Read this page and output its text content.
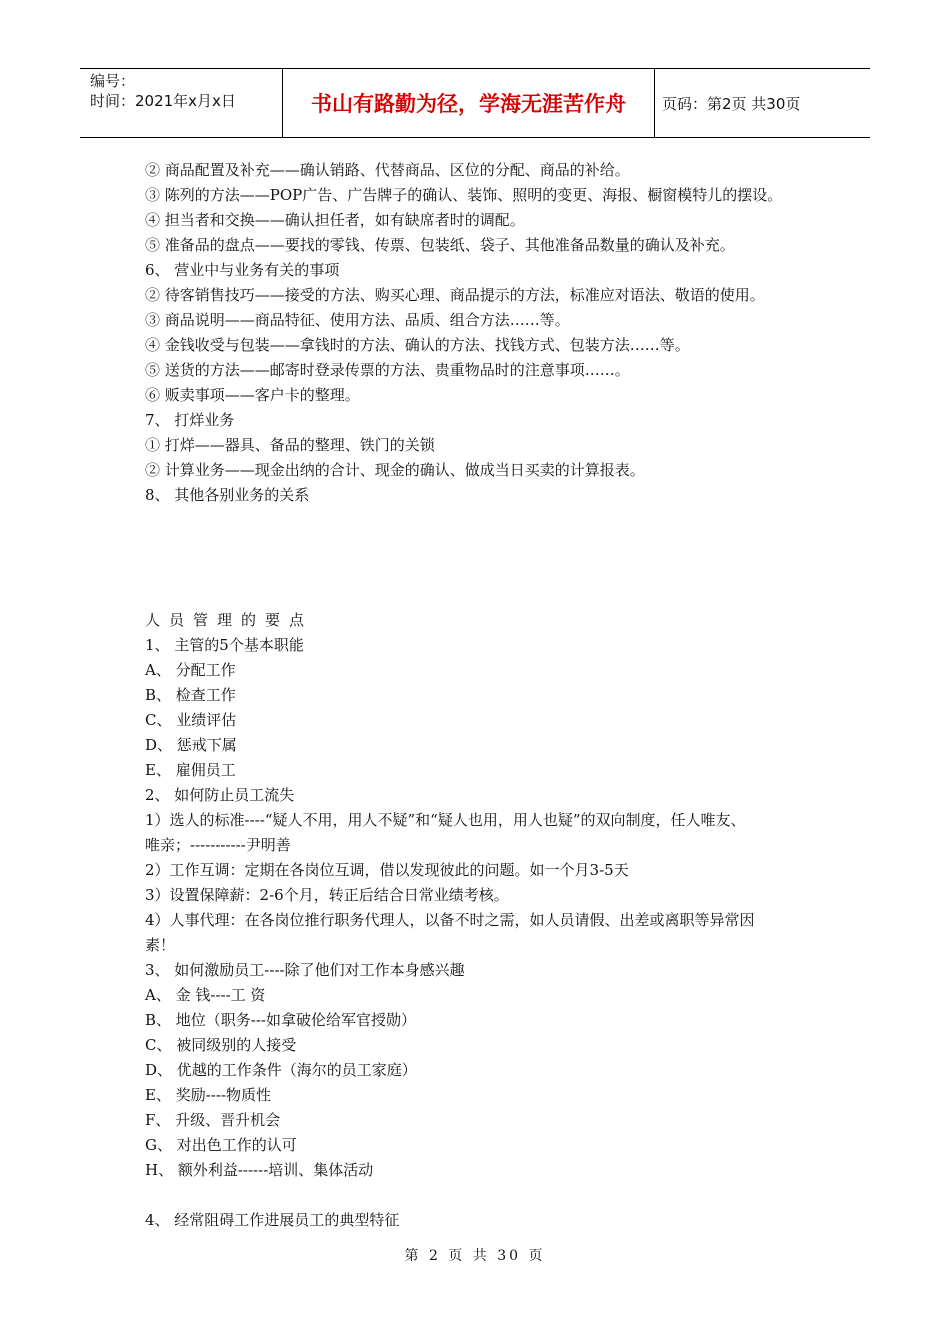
编号：
时间：2021年x月x日	书山有路勤为径，学海无涯苦作舟	页码：第2页 共30页
② 商品配置及补充——确认销路、代替商品、区位的分配、商品的补给。
③ 陈列的方法——POP广告、广告牌子的确认、装饰、照明的变更、海报、橱窗模特儿的摆设。
④ 担当者和交换——确认担任者，如有缺席者时的调配。
⑤ 准备品的盘点——要找的零钱、传票、包装纸、袋子、其他准备品数量的确认及补充。
6、 营业中与业务有关的事项
② 待客销售技巧——接受的方法、购买心理、商品提示的方法，标准应对语法、敬语的使用。
③ 商品说明——商品特征、使用方法、品质、组合方法……等。
④ 金钱收受与包装——拿钱时的方法、确认的方法、找钱方式、包装方法……等。
⑤ 送货的方法——邮寄时登录传票的方法、贵重物品时的注意事项……。
⑥ 贩卖事项——客户卡的整理。
7、 打烊业务
① 打烊——器具、备品的整理、铁门的关锁
② 计算业务——现金出纳的合计、现金的确认、做成当日买卖的计算报表。
8、 其他各别业务的关系
人员管理的要点
1、 主管的5个基本职能
A、 分配工作
B、 检查工作
C、 业绩评估
D、 惩戒下属
E、 雇佣员工
2、 如何防止员工流失
1）选人的标准----“疑人不用，用人不疑”和“疑人也用，用人也疑”的双向制度，任人唯友、
唯亲；-----------尹明善
2）工作互调：定期在各岗位互调，借以发现彼此的问题。如一个月3-5天
3）设置保障薪：2-6个月，转正后结合日常业绩考核。
4）人事代理：在各岗位推行职务代理人，以备不时之需，如人员请假、出差或离职等异常因
素！
3、 如何激励员工----除了他们对工作本身感兴趣
A、 金 钱----工 资
B、 地位（职务---如拿破伦给军官授勋）
C、 被同级别的人接受
D、 优越的工作条件（海尔的员工家庭）
E、 奖励----物质性
F、 升级、晋升机会
G、 对出色工作的认可
H、 额外利益------培训、集体活动
4、 经常阻碍工作进展员工的典型特征
第 2 页 共 30 页
